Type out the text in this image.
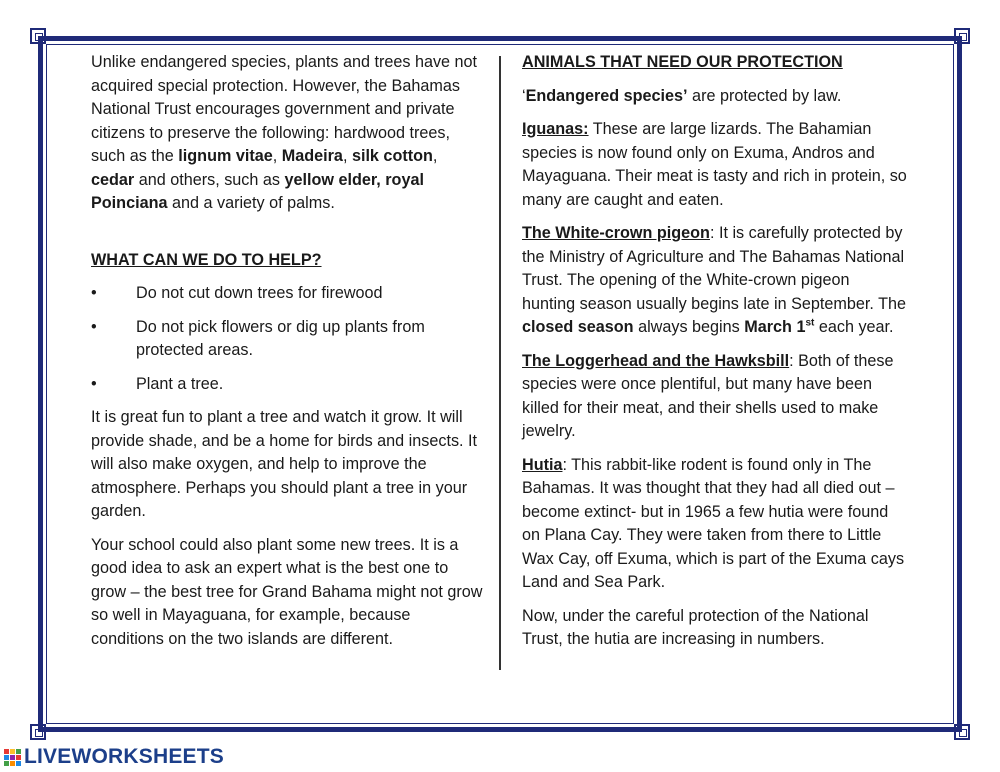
Unlike endangered species, plants and trees have not acquired special protection. However, the Bahamas National Trust encourages government and private citizens to preserve the following: hardwood trees, such as the lignum vitae, Madeira, silk cotton, cedar and others, such as yellow elder, royal Poinciana and a variety of palms.

WHAT CAN WE DO TO HELP?

• Do not cut down trees for firewood
• Do not pick flowers or dig up plants from protected areas.
• Plant a tree.

It is great fun to plant a tree and watch it grow. It will provide shade, and be a home for birds and insects. It will also make oxygen, and help to improve the atmosphere. Perhaps you should plant a tree in your garden.

Your school could also plant some new trees. It is a good idea to ask an expert what is the best one to grow – the best tree for Grand Bahama might not grow so well in Mayaguana, for example, because conditions on the two islands are different.

ANIMALS THAT NEED OUR PROTECTION

‘Endangered species’ are protected by law.

Iguanas: These are large lizards. The Bahamian species is now found only on Exuma, Andros and Mayaguana. Their meat is tasty and rich in protein, so many are caught and eaten.

The White-crown pigeon: It is carefully protected by the Ministry of Agriculture and The Bahamas National Trust. The opening of the White-crown pigeon hunting season usually begins late in September. The closed season always begins March 1st each year.

The Loggerhead and the Hawksbill: Both of these species were once plentiful, but many have been killed for their meat, and their shells used to make jewelry.

Hutia: This rabbit-like rodent is found only in The Bahamas. It was thought that they had all died out – become extinct- but in 1965 a few hutia were found on Plana Cay. They were taken from there to Little Wax Cay, off Exuma, which is part of the Exuma cays Land and Sea Park.

Now, under the careful protection of the National Trust, the hutia are increasing in numbers.

LIVEWORKSHEETS
